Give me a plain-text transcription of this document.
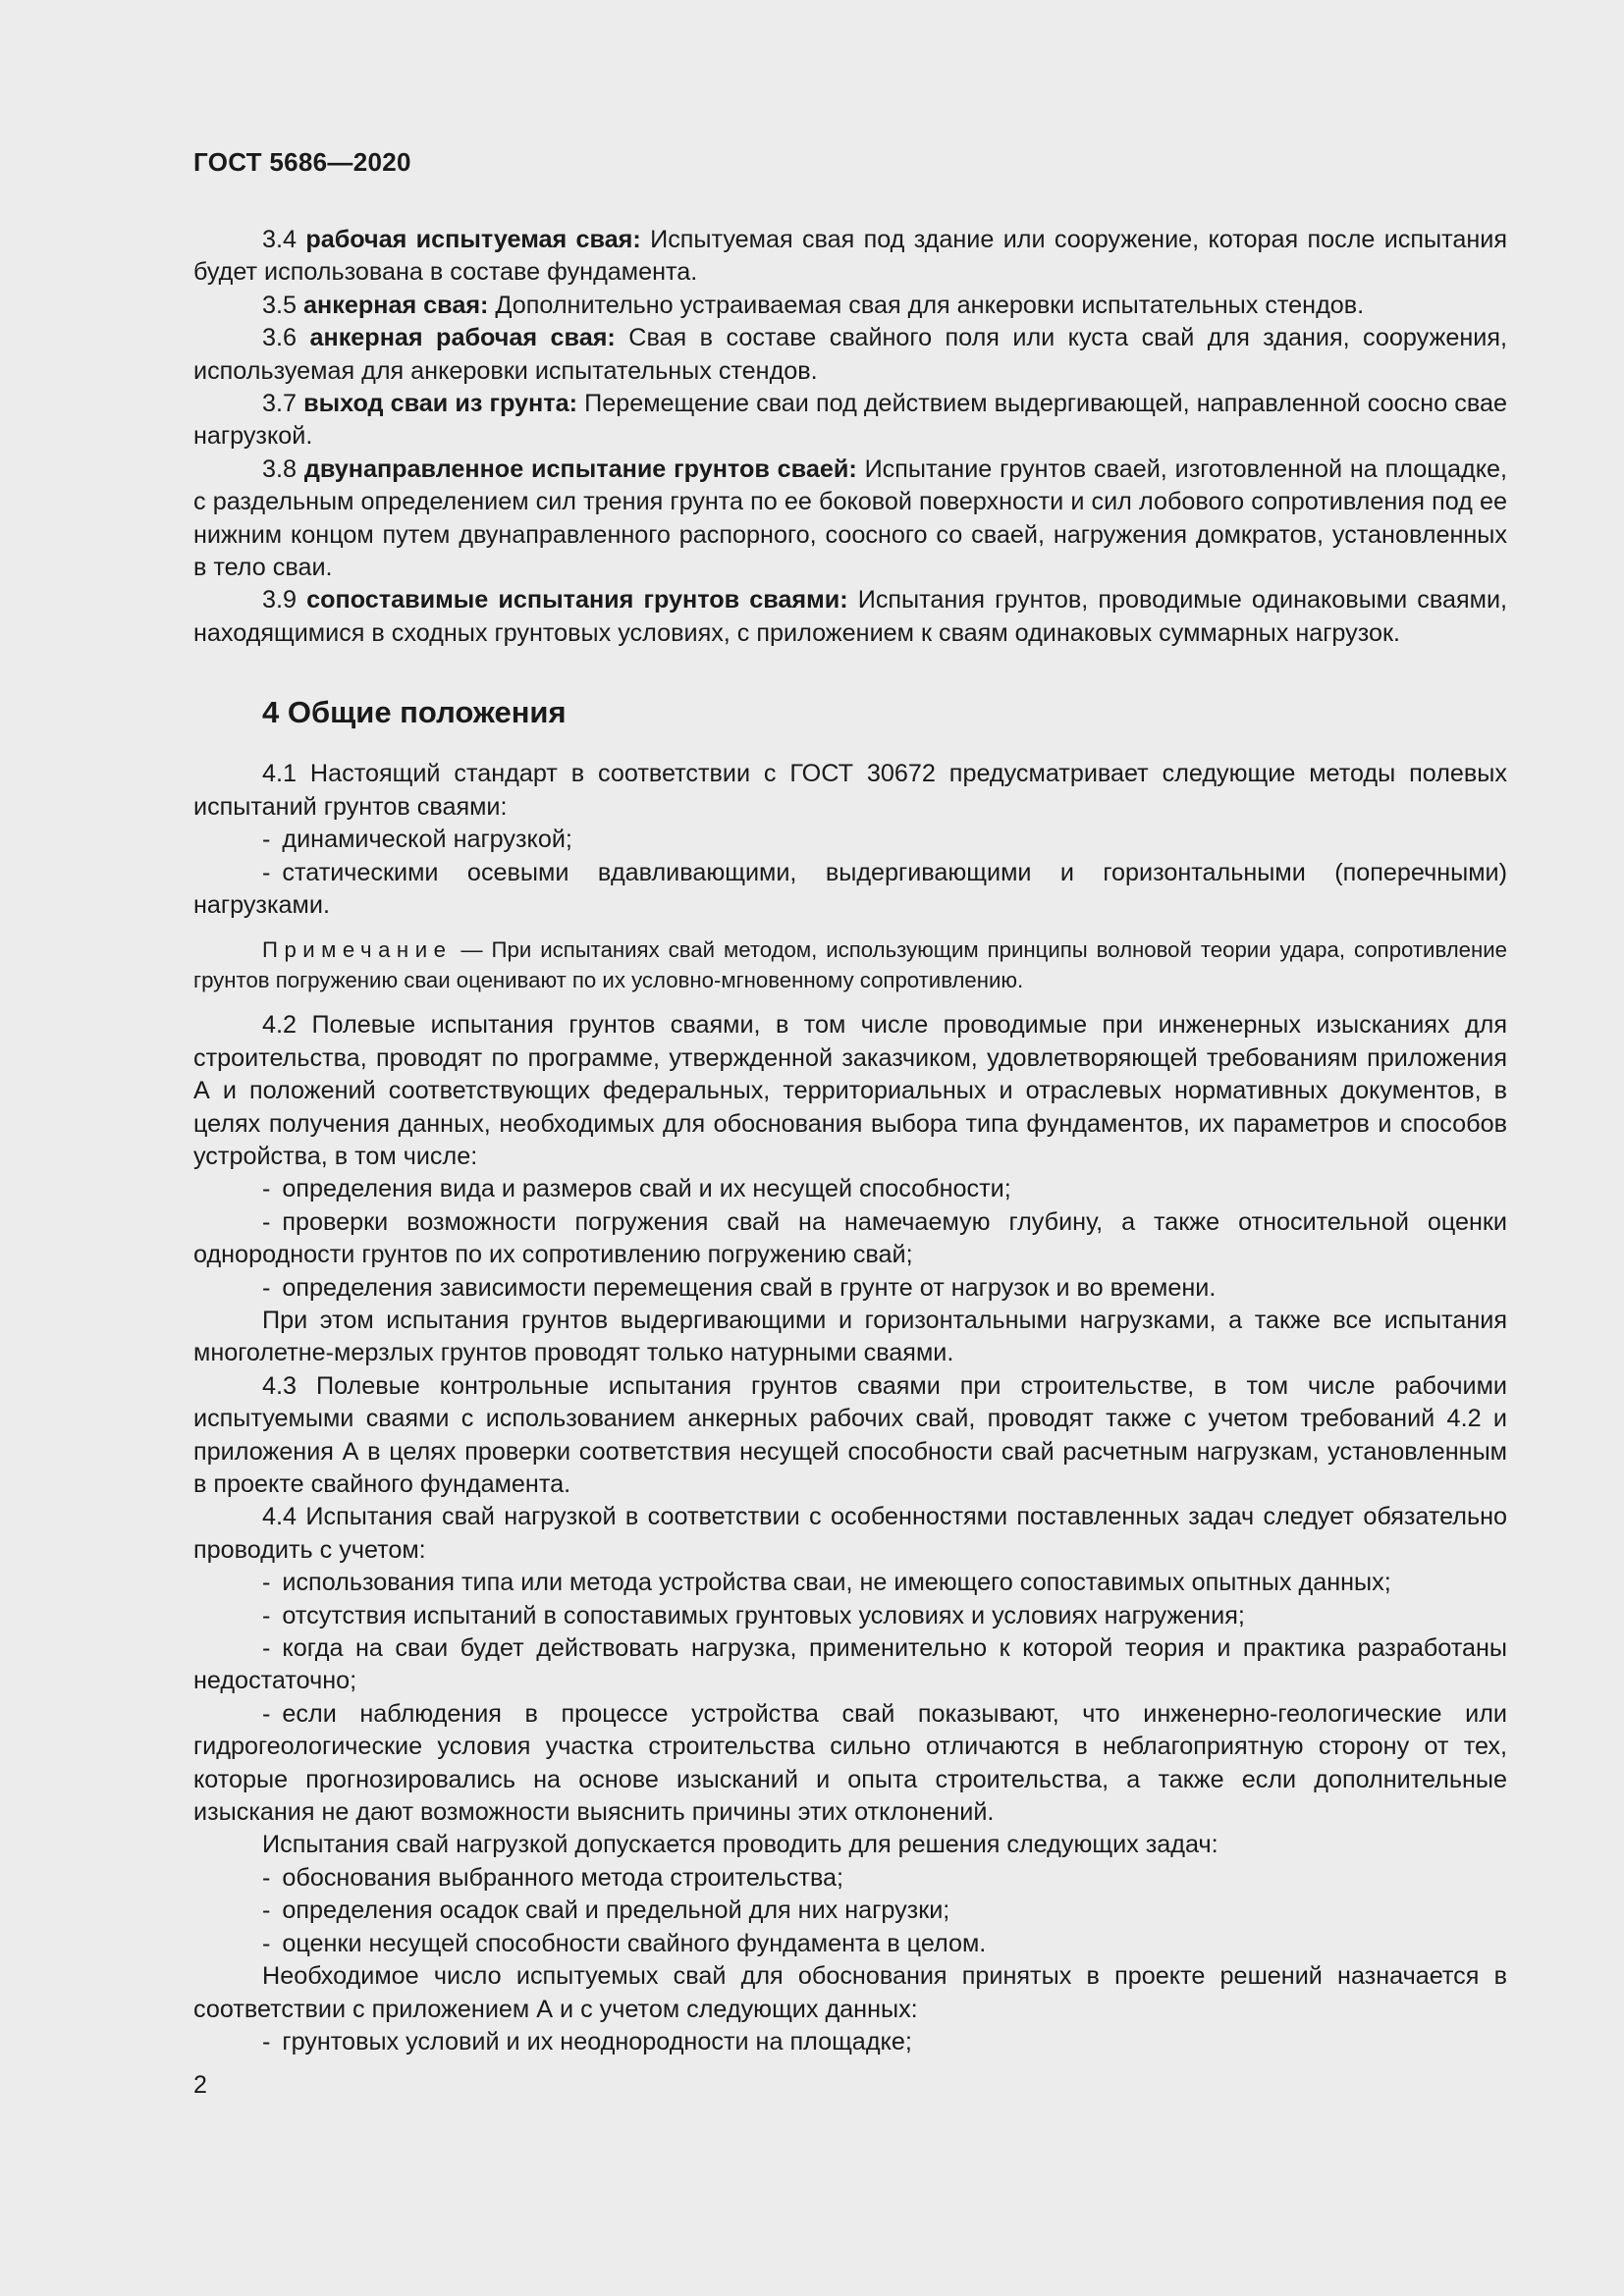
ГОСТ 5686—2020

3.4 рабочая испытуемая свая: Испытуемая свая под здание или сооружение, которая после испытания будет использована в составе фундамента.

3.5 анкерная свая: Дополнительно устраиваемая свая для анкеровки испытательных стендов.

3.6 анкерная рабочая свая: Свая в составе свайного поля или куста свай для здания, сооружения, используемая для анкеровки испытательных стендов.

3.7 выход сваи из грунта: Перемещение сваи под действием выдергивающей, направленной соосно свае нагрузкой.

3.8 двунаправленное испытание грунтов сваей: Испытание грунтов сваей, изготовленной на площадке, с раздельным определением сил трения грунта по ее боковой поверхности и сил лобового сопротивления под ее нижним концом путем двунаправленного распорного, соосного со сваей, нагружения домкратов, установленных в тело сваи.

3.9 сопоставимые испытания грунтов сваями: Испытания грунтов, проводимые одинаковыми сваями, находящимися в сходных грунтовых условиях, с приложением к сваям одинаковых суммарных нагрузок.

4 Общие положения

4.1 Настоящий стандарт в соответствии с ГОСТ 30672 предусматривает следующие методы полевых испытаний грунтов сваями:

- динамической нагрузкой;

- статическими осевыми вдавливающими, выдергивающими и горизонтальными (поперечными) нагрузками.

Примечание — При испытаниях свай методом, использующим принципы волновой теории удара, сопротивление грунтов погружению сваи оценивают по их условно-мгновенному сопротивлению.

4.2 Полевые испытания грунтов сваями, в том числе проводимые при инженерных изысканиях для строительства, проводят по программе, утвержденной заказчиком, удовлетворяющей требованиям приложения А и положений соответствующих федеральных, территориальных и отраслевых нормативных документов, в целях получения данных, необходимых для обоснования выбора типа фундаментов, их параметров и способов устройства, в том числе:

- определения вида и размеров свай и их несущей способности;

- проверки возможности погружения свай на намечаемую глубину, а также относительной оценки однородности грунтов по их сопротивлению погружению свай;

- определения зависимости перемещения свай в грунте от нагрузок и во времени.

При этом испытания грунтов выдергивающими и горизонтальными нагрузками, а также все испытания многолетне-мерзлых грунтов проводят только натурными сваями.

4.3 Полевые контрольные испытания грунтов сваями при строительстве, в том числе рабочими испытуемыми сваями с использованием анкерных рабочих свай, проводят также с учетом требований 4.2 и приложения А в целях проверки соответствия несущей способности свай расчетным нагрузкам, установленным в проекте свайного фундамента.

4.4 Испытания свай нагрузкой в соответствии с особенностями поставленных задач следует обязательно проводить с учетом:

- использования типа или метода устройства сваи, не имеющего сопоставимых опытных данных;

- отсутствия испытаний в сопоставимых грунтовых условиях и условиях нагружения;

- когда на сваи будет действовать нагрузка, применительно к которой теория и практика разработаны недостаточно;

- если наблюдения в процессе устройства свай показывают, что инженерно-геологические или гидрогеологические условия участка строительства сильно отличаются в неблагоприятную сторону от тех, которые прогнозировались на основе изысканий и опыта строительства, а также если дополнительные изыскания не дают возможности выяснить причины этих отклонений.

Испытания свай нагрузкой допускается проводить для решения следующих задач:

- обоснования выбранного метода строительства;

- определения осадок свай и предельной для них нагрузки;

- оценки несущей способности свайного фундамента в целом.

Необходимое число испытуемых свай для обоснования принятых в проекте решений назначается в соответствии с приложением А и с учетом следующих данных:

- грунтовых условий и их неоднородности на площадке;

2
